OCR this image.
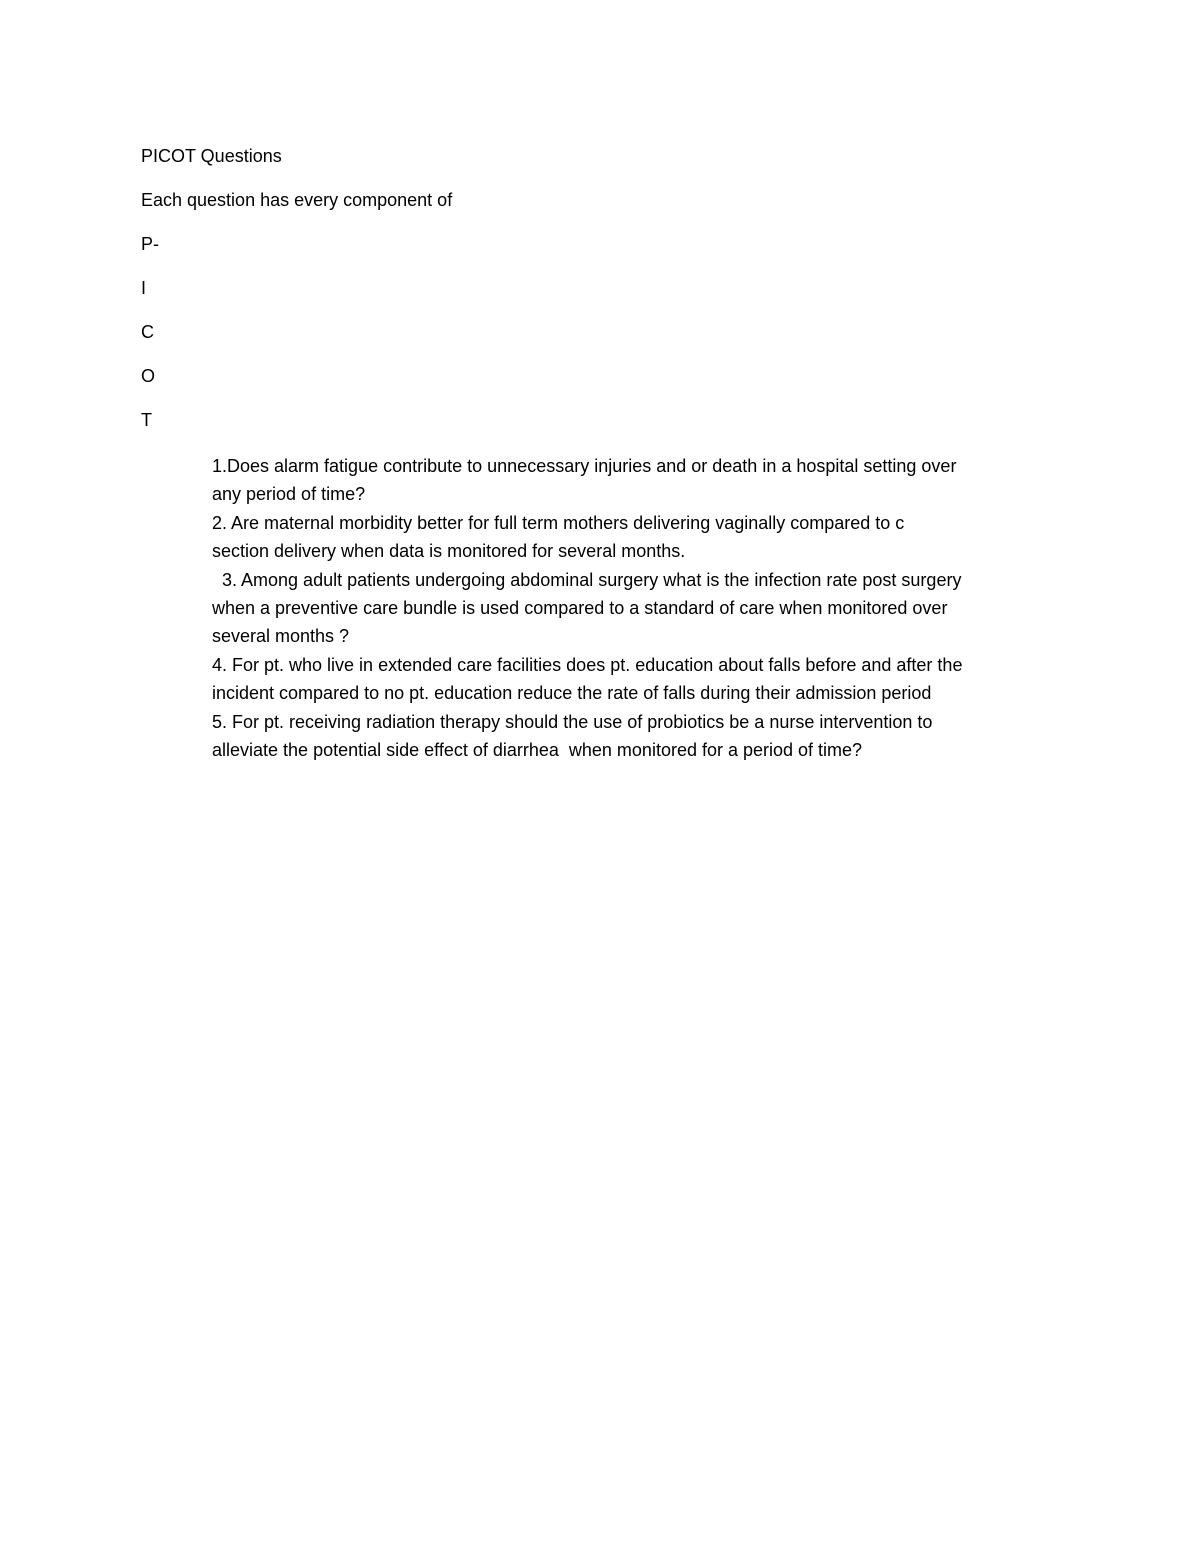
PICOT Questions
Each question has every component of
P-
I
C
O
T
1.Does alarm fatigue contribute to unnecessary injuries and or death in a hospital setting over
any period of time?
2. Are maternal morbidity better for full term mothers delivering vaginally compared to c
section delivery when data is monitored for several months.
3. Among adult patients undergoing abdominal surgery what is the infection rate post surgery
when a preventive care bundle is used compared to a standard of care when monitored over
several months ?
4. For pt. who live in extended care facilities does pt. education about falls before and after the
incident compared to no pt. education reduce the rate of falls during their admission period
5. For pt. receiving radiation therapy should the use of probiotics be a nurse intervention to
alleviate the potential side effect of diarrhea  when monitored for a period of time?
